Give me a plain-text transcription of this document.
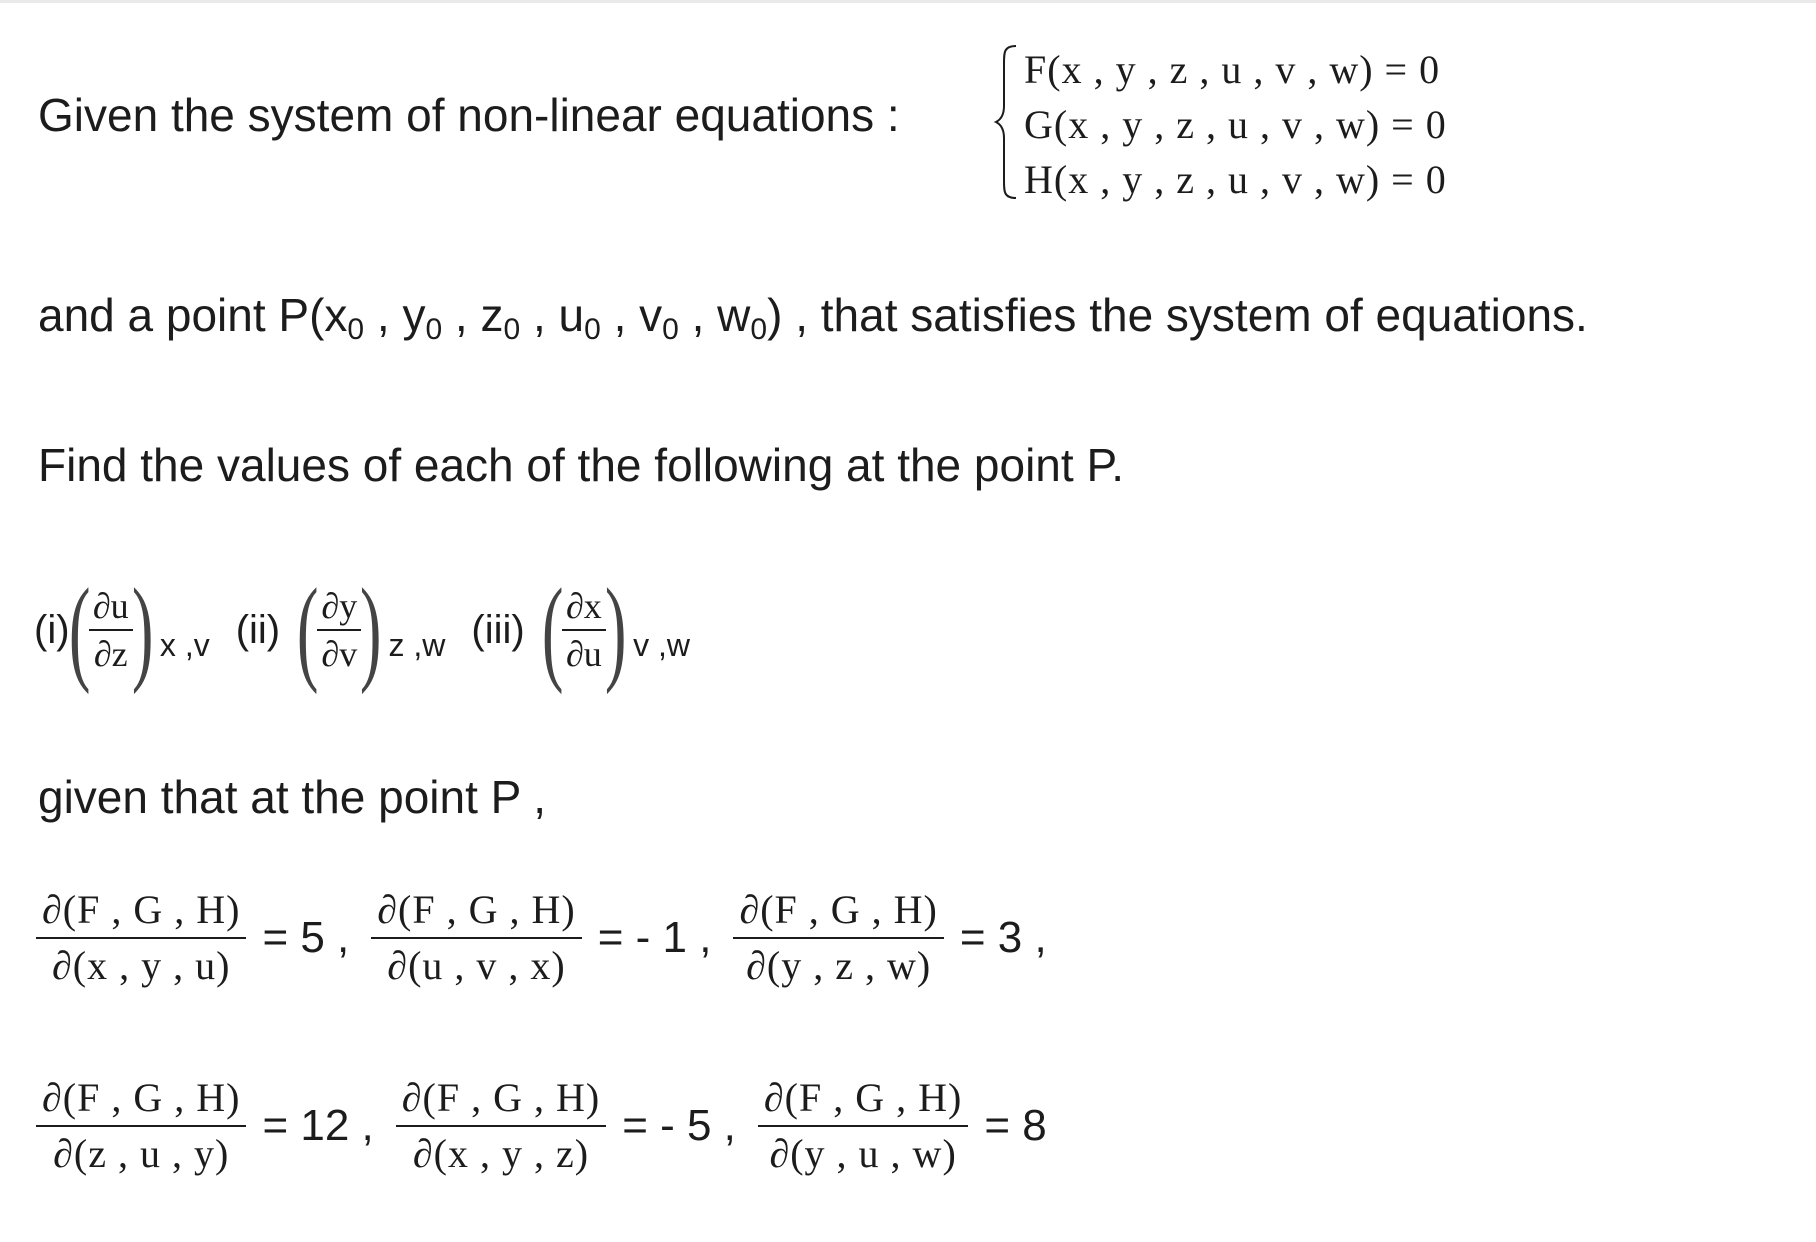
Given the system of non-linear equations :
F(x , y , z , u , v , w) = 0
G(x , y , z , u , v , w) = 0
H(x , y , z , u , v , w) = 0
and a point $P(x_0$ , $y_0$ , $z_0$ , $u_0$ , $v_0$ , $w_0$) , that satisfies the system of equations.
Find the values of each of the following at the point P.
(i)
(
$\frac{\partial u}{\partial z}$
) x ,v (ii) (
$\frac{\partial y}{\partial v}$
) z ,w (iii) (
$\frac{\partial x}{\partial u}$
) v ,w
given that at the point P ,
$\frac{\partial(F , G , H)}{\partial(x , y , u)} = 5$ , $\frac{\partial(F , G , H)}{\partial(u , v , x)}$ = - 1 , $\frac{\partial(F , G , H)}{\partial(y , z , w)} = 3$ ,
$\frac{\partial(F , G , H)}{\partial(z , u , y)} = 12$ , $\frac{\partial(F , G , H)}{\partial(x , y , z)}$ = - 5 , $\frac{\partial(F , G , H)}{\partial(y , u , w)} = 8$
